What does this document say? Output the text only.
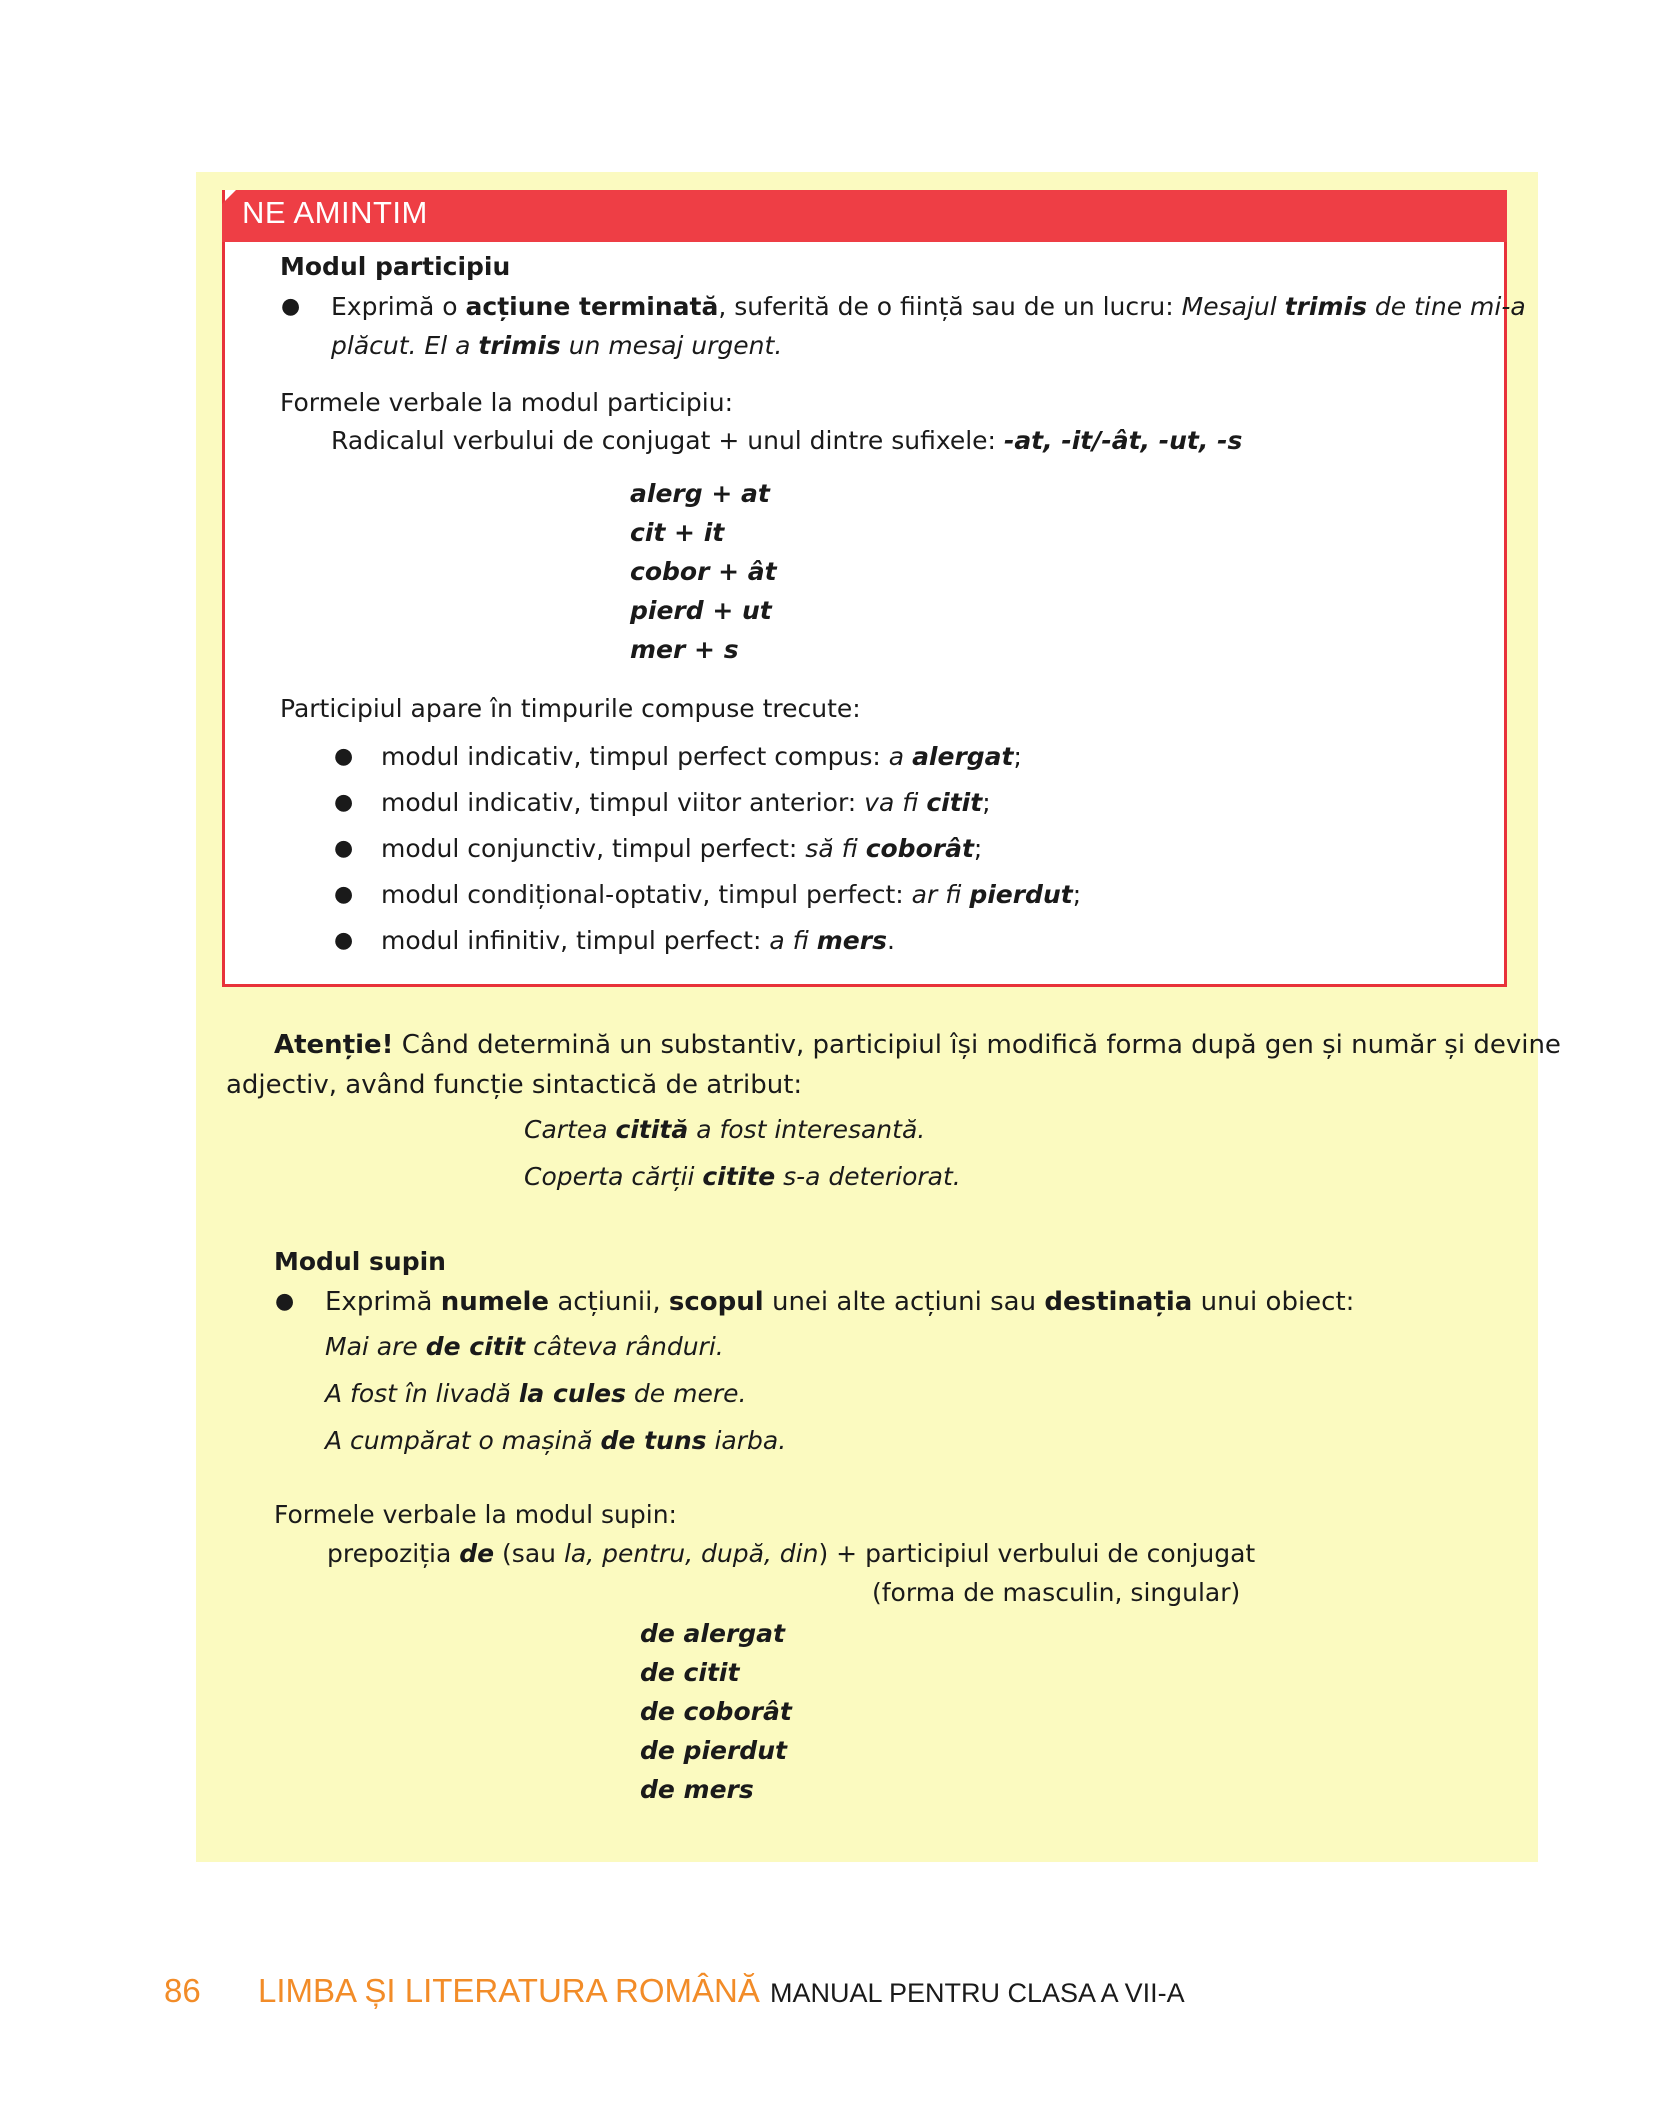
NE AMINTIM
Modul participiu
● Exprimă o acțiune terminată, suferită de o ființă sau de un lucru: Mesajul trimis de tine mi-a
plăcut. El a trimis un mesaj urgent.
Formele verbale la modul participiu:
Radicalul verbului de conjugat + unul dintre sufixele: -at, -it/-ât, -ut, -s
alerg + at
cit + it
cobor + ât
pierd + ut
mer + s
Participiul apare în timpurile compuse trecute:
● modul indicativ, timpul perfect compus: a alergat;
● modul indicativ, timpul viitor anterior: va fi citit;
● modul conjunctiv, timpul perfect: să fi coborât;
● modul condițional-optativ, timpul perfect: ar fi pierdut;
● modul infinitiv, timpul perfect: a fi mers.
Atenție! Când determină un substantiv, participiul își modifică forma după gen și număr și devine
adjectiv, având funcție sintactică de atribut:
Cartea citită a fost interesantă.
Coperta cărții citite s-a deteriorat.
Modul supin
● Exprimă numele acțiunii, scopul unei alte acțiuni sau destinația unui obiect:
Mai are de citit câteva rânduri.
A fost în livadă la cules de mere.
A cumpărat o mașină de tuns iarba.
Formele verbale la modul supin:
prepoziția de (sau la, pentru, după, din) + participiul verbului de conjugat
(forma de masculin, singular)
de alergat
de citit
de coborât
de pierdut
de mers
86 LIMBA ȘI LITERATURA ROMÂNĂ MANUAL PENTRU CLASA A VII-A
